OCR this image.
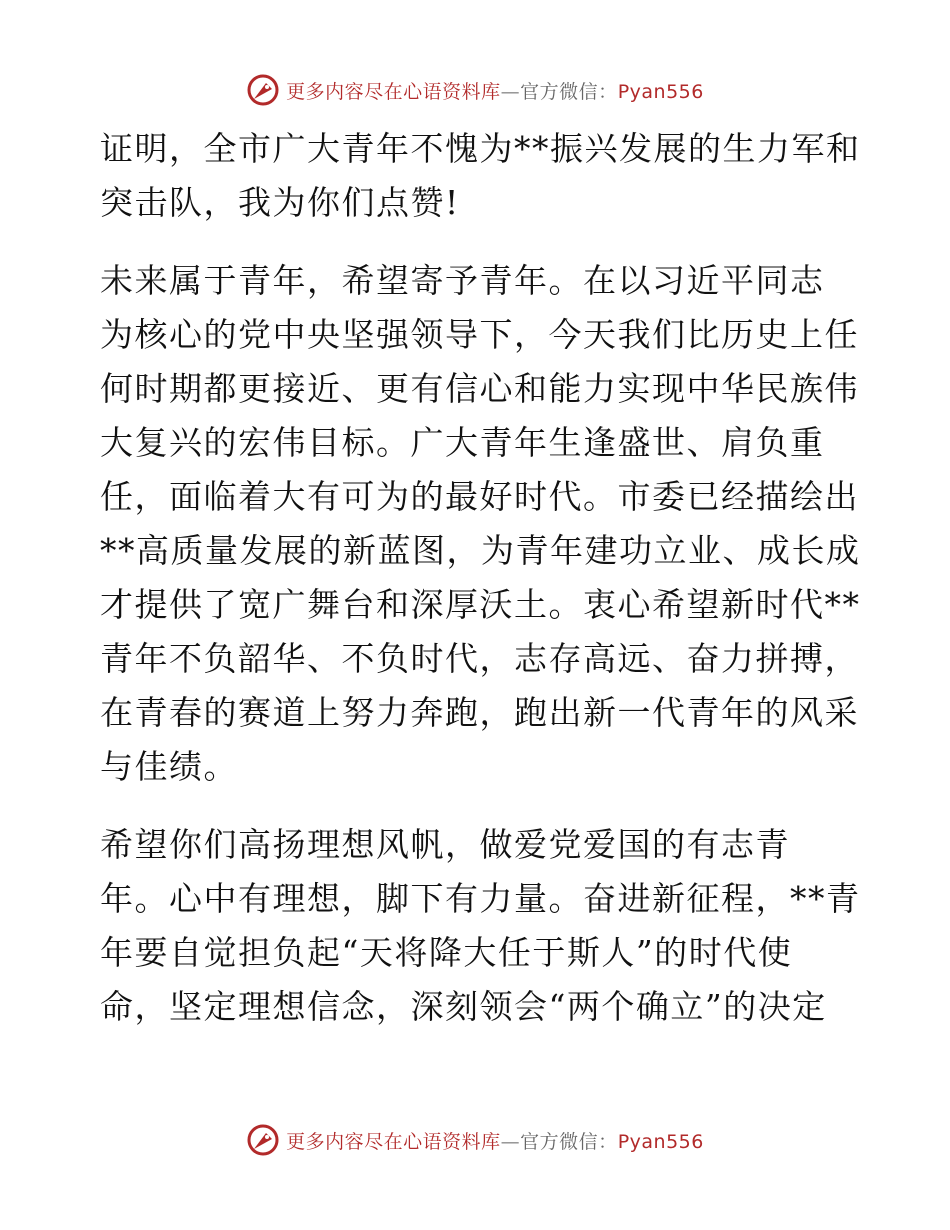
更多内容尽在心语资料库—官方微信：Pyan556
证明，全市广大青年不愧为**振兴发展的生力军和
突击队，我为你们点赞!
未来属于青年，希望寄予青年。在以习近平同志
为核心的党中央坚强领导下，今天我们比历史上任
何时期都更接近、更有信心和能力实现中华民族伟
大复兴的宏伟目标。广大青年生逢盛世、肩负重
任，面临着大有可为的最好时代。市委已经描绘出
**高质量发展的新蓝图，为青年建功立业、成长成
才提供了宽广舞台和深厚沃土。衷心希望新时代**
青年不负韶华、不负时代，志存高远、奋力拼搏，
在青春的赛道上努力奔跑，跑出新一代青年的风采
与佳绩。
希望你们高扬理想风帆，做爱党爱国的有志青
年。心中有理想，脚下有力量。奋进新征程，**青
年要自觉担负起“天将降大任于斯人”的时代使
命，坚定理想信念，深刻领会“两个确立”的决定
更多内容尽在心语资料库—官方微信：Pyan556
